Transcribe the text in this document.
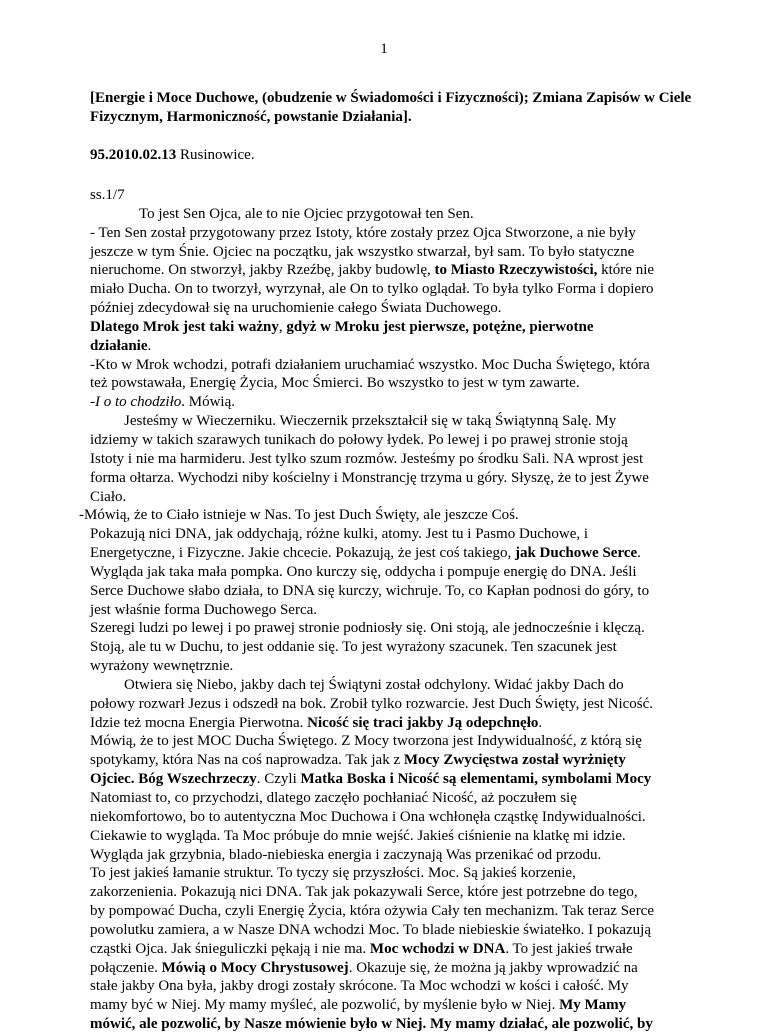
1
[Energie i Moce Duchowe, (obudzenie w Świadomości i Fizyczności); Zmiana Zapisów w Ciele Fizycznym, Harmoniczność, powstanie Działania].
95.2010.02.13 Rusinowice.
ss.1/7
To jest Sen Ojca, ale to nie Ojciec przygotował ten Sen.
- Ten Sen został przygotowany przez Istoty, które zostały przez Ojca Stworzone, a nie były
jeszcze w tym Śnie. Ojciec na początku, jak wszystko stwarzał, był sam. To było statyczne
nieruchome. On stworzył, jakby Rzeźbę, jakby budowlę, to Miasto Rzeczywistości, które nie
miało Ducha. On to tworzył, wyrzynał, ale On to tylko oglądał. To była tylko Forma i dopiero
później zdecydował się na uruchomienie całego Świata Duchowego.
Dlatego Mrok jest taki ważny, gdyż w Mroku jest pierwsze, potężne, pierwotne
działanie.
-Kto w Mrok wchodzi, potrafi działaniem uruchamiać wszystko. Moc Ducha Świętego, która
też powstawała, Energię Życia, Moc Śmierci. Bo wszystko to jest w tym zawarte.
-I o to chodziło. Mówią.
Jesteśmy w Wieczerniku. Wieczernik przekształcił się w taką Świątynną Salę. My
idziemy w takich szarawych tunikach do połowy łydek. Po lewej i po prawej stronie stoją
Istoty i nie ma harmideru. Jest tylko szum rozmów. Jesteśmy po środku Sali. NA wprost jest
forma ołtarza. Wychodzi niby kościelny i Monstrancję trzyma u góry. Słyszę, że to jest Żywe
Ciało.
-Mówią, że to Ciało istnieje w Nas. To jest Duch Święty, ale jeszcze Coś.
Pokazują nici DNA, jak oddychają, różne kulki, atomy. Jest tu i Pasmo Duchowe, i
Energetyczne, i Fizyczne. Jakie chcecie. Pokazują, że jest coś takiego, jak Duchowe Serce.
Wygląda jak taka mała pompka. Ono kurczy się, oddycha i pompuje energię do DNA. Jeśli
Serce Duchowe słabo działa, to DNA się kurczy, wichruje. To, co Kapłan podnosi do góry, to
jest właśnie forma Duchowego Serca.
Szeregi ludzi po lewej i po prawej stronie podniosły się. Oni stoją, ale jednocześnie i klęczą.
Stoją, ale tu w Duchu, to jest oddanie się. To jest wyrażony szacunek. Ten szacunek jest
wyrażony wewnętrznie.
Otwiera się Niebo, jakby dach tej Świątyni został odchylony. Widać jakby Dach do
połowy rozwarł Jezus i odszedł na bok. Zrobił tylko rozwarcie. Jest Duch Święty, jest Nicość.
Idzie też mocna Energia Pierwotna. Nicość się traci jakby Ją odepchnęło.
Mówią, że to jest MOC Ducha Świętego. Z Mocy tworzona jest Indywidualność, z którą się
spotykamy, która Nas na coś naprowadza. Tak jak z Mocy Zwycięstwa został wyrżnięty
Ojciec. Bóg Wszechrzeczy. Czyli Matka Boska i Nicość są elementami, symbolami Mocy
Natomiast to, co przychodzi, dlatego zaczęło pochłaniać Nicość, aż poczułem się
niekomfortowo, bo to autentyczna Moc Duchowa i Ona wchłonęła cząstkę Indywidualności.
Ciekawie to wygląda. Ta Moc próbuje do mnie wejść. Jakieś ciśnienie na klatkę mi idzie.
Wygląda jak grzybnia, blado-niebieska energia i zaczynają Was przenikać od przodu.
To jest jakieś łamanie struktur. To tyczy się przyszłości. Moc. Są jakieś korzenie,
zakorzenienia. Pokazują nici DNA. Tak jak pokazywali Serce, które jest potrzebne do tego,
by pompować Ducha, czyli Energię Życia, która ożywia Cały ten mechanizm. Tak teraz Serce
powolutku zamiera, a w Nasze DNA wchodzi Moc. To blade niebieskie światełko. I pokazują
cząstki Ojca. Jak śnieguliczki pękają i nie ma. Moc wchodzi w DNA. To jest jakieś trwałe
połączenie. Mówią o Mocy Chrystusowej. Okazuje się, że można ją jakby wprowadzić na
stałe jakby Ona była, jakby drogi zostały skrócone. Ta Moc wchodzi w kości i całość. My
mamy być w Niej. My mamy myśleć, ale pozwolić, by myślenie było w Niej. My Mamy
mówić, ale pozwolić, by Nasze mówienie było w Niej. My mamy działać, ale pozwolić, by
